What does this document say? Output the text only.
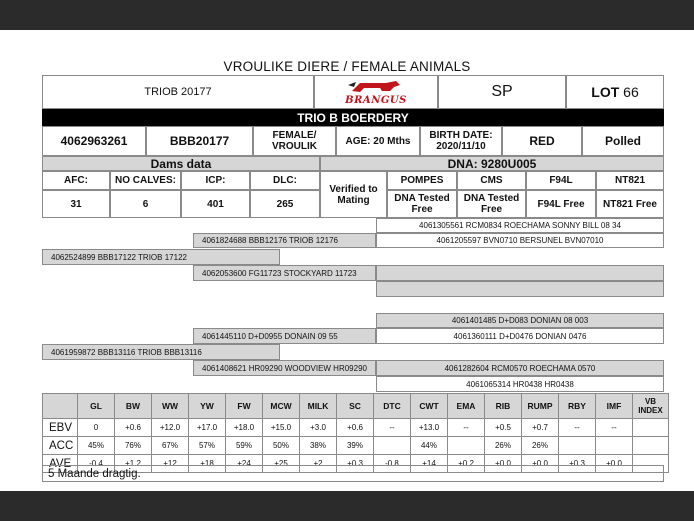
VROULIKE DIERE / FEMALE ANIMALS
TRIOB 20177
BRANGUS	SP	LOT
66
TRIO B BOERDERY
4062963261	BBB20177	FEMALE/ VROULIK	AGE: 20 Mths	BIRTH DATE:
2020/11/10	RED	Polled
Dams data	DNA: 9280U005
AFC:	NO CALVES:	ICP:	DLC:
31	6	401	265
Verified to Mating
POMPES	CMS	F94L	NT821
DNA Tested Free
DNA Tested Free	F94L Free	NT821 Free
4061305561 RCM0834 ROECHAMA SONNY BILL 08 34
4061824688 BBB12176 TRIOB 12176	4061205597 BVN0710 BERSUNEL BVN07010
4062524899 BBB17122 TRIOB 17122
4062053600 FG11723 STOCKYARD 11723
4061401485 D+D083 DONIAN 08 003
4061445110 D+D0955 DONAIN 09 55	4061360111 D+D0476 DONIAN 0476
4061959872 BBB13116 TRIOB BBB13116
4061408621 HR09290 WOODVIEW HR09290	4061282604 RCM0570 ROECHAMA 0570
4061065314 HR0438 HR0438
	GL	BW	WW	YW	FW	MCW	MILK	SC	DTC	CWT	EMA	RIB	RUMP	RBY	IMF	VB INDEX
EBV	0	+0.6	+12.0	+17.0	+18.0	+15.0	+3.0	+0.6	--	+13.0	--	+0.5	+0.7	--	--	
ACC	45%	76%	67%	57%	59%	50%	38%	39%		44%		26%	26%			
AVE	-0.4	+1.2	+12	+18	+24	+25	+2	+0.3	-0.8	+14	+0.2	+0.0	+0.0	+0.3	+0.0	
5 Maande dragtig.
